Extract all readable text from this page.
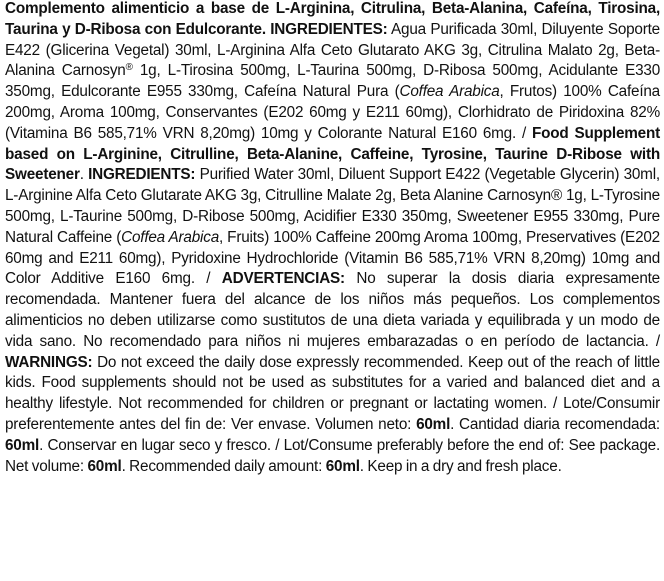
Complemento alimenticio a base de L-Arginina, Citrulina, Beta-Alanina, Cafeína, Tirosina, Taurina y D-Ribosa con Edulcorante. INGREDIENTES: Agua Purificada 30ml, Diluyente Soporte E422 (Glicerina Vegetal) 30ml, L-Arginina Alfa Ceto Glutarato AKG 3g, Citrulina Malato 2g, Beta-Alanina Carnosyn® 1g, L-Tirosina 500mg, L-Taurina 500mg, D-Ribosa 500mg, Acidulante E330 350mg, Edulcorante E955 330mg, Cafeína Natural Pura (Coffea Arabica, Frutos) 100% Cafeína 200mg, Aroma 100mg, Conservantes (E202 60mg y E211 60mg), Clorhidrato de Piridoxina 82% (Vitamina B6 585,71% VRN 8,20mg) 10mg y Colorante Natural E160 6mg. / Food Supplement based on L-Arginine, Citrulline, Beta-Alanine, Caffeine, Tyrosine, Taurine D-Ribose with Sweetener. INGREDIENTS: Purified Water 30ml, Diluent Support E422 (Vegetable Glycerin) 30ml, L-Arginine Alfa Ceto Glutarate AKG 3g, Citrulline Malate 2g, Beta Alanine Carnosyn® 1g, L-Tyrosine 500mg, L-Taurine 500mg, D-Ribose 500mg, Acidifier E330 350mg, Sweetener E955 330mg, Pure Natural Caffeine (Coffea Arabica, Fruits) 100% Caffeine 200mg Aroma 100mg, Preservatives (E202 60mg and E211 60mg), Pyridoxine Hydrochloride (Vitamin B6 585,71% VRN 8,20mg) 10mg and Color Additive E160 6mg. / ADVERTENCIAS: No superar la dosis diaria expresamente recomendada. Mantener fuera del alcance de los niños más pequeños. Los complementos alimenticios no deben utilizarse como sustitutos de una dieta variada y equilibrada y un modo de vida sano. No recomendado para niños ni mujeres embarazadas o en período de lactancia. /

WARNINGS: Do not exceed the daily dose expressly recommended. Keep out of the reach of little kids. Food supplements should not be used as substitutes for a varied and balanced diet and a healthy lifestyle. Not recommended for children or pregnant or lactating women. / Lote/Consumir preferentemente antes del fin de: Ver envase. Volumen neto: 60ml. Cantidad diaria recomendada: 60ml. Conservar en lugar seco y fresco. / Lot/Consume preferably before the end of: See package. Net volume: 60ml. Recommended daily amount: 60ml. Keep in a dry and fresh place.
